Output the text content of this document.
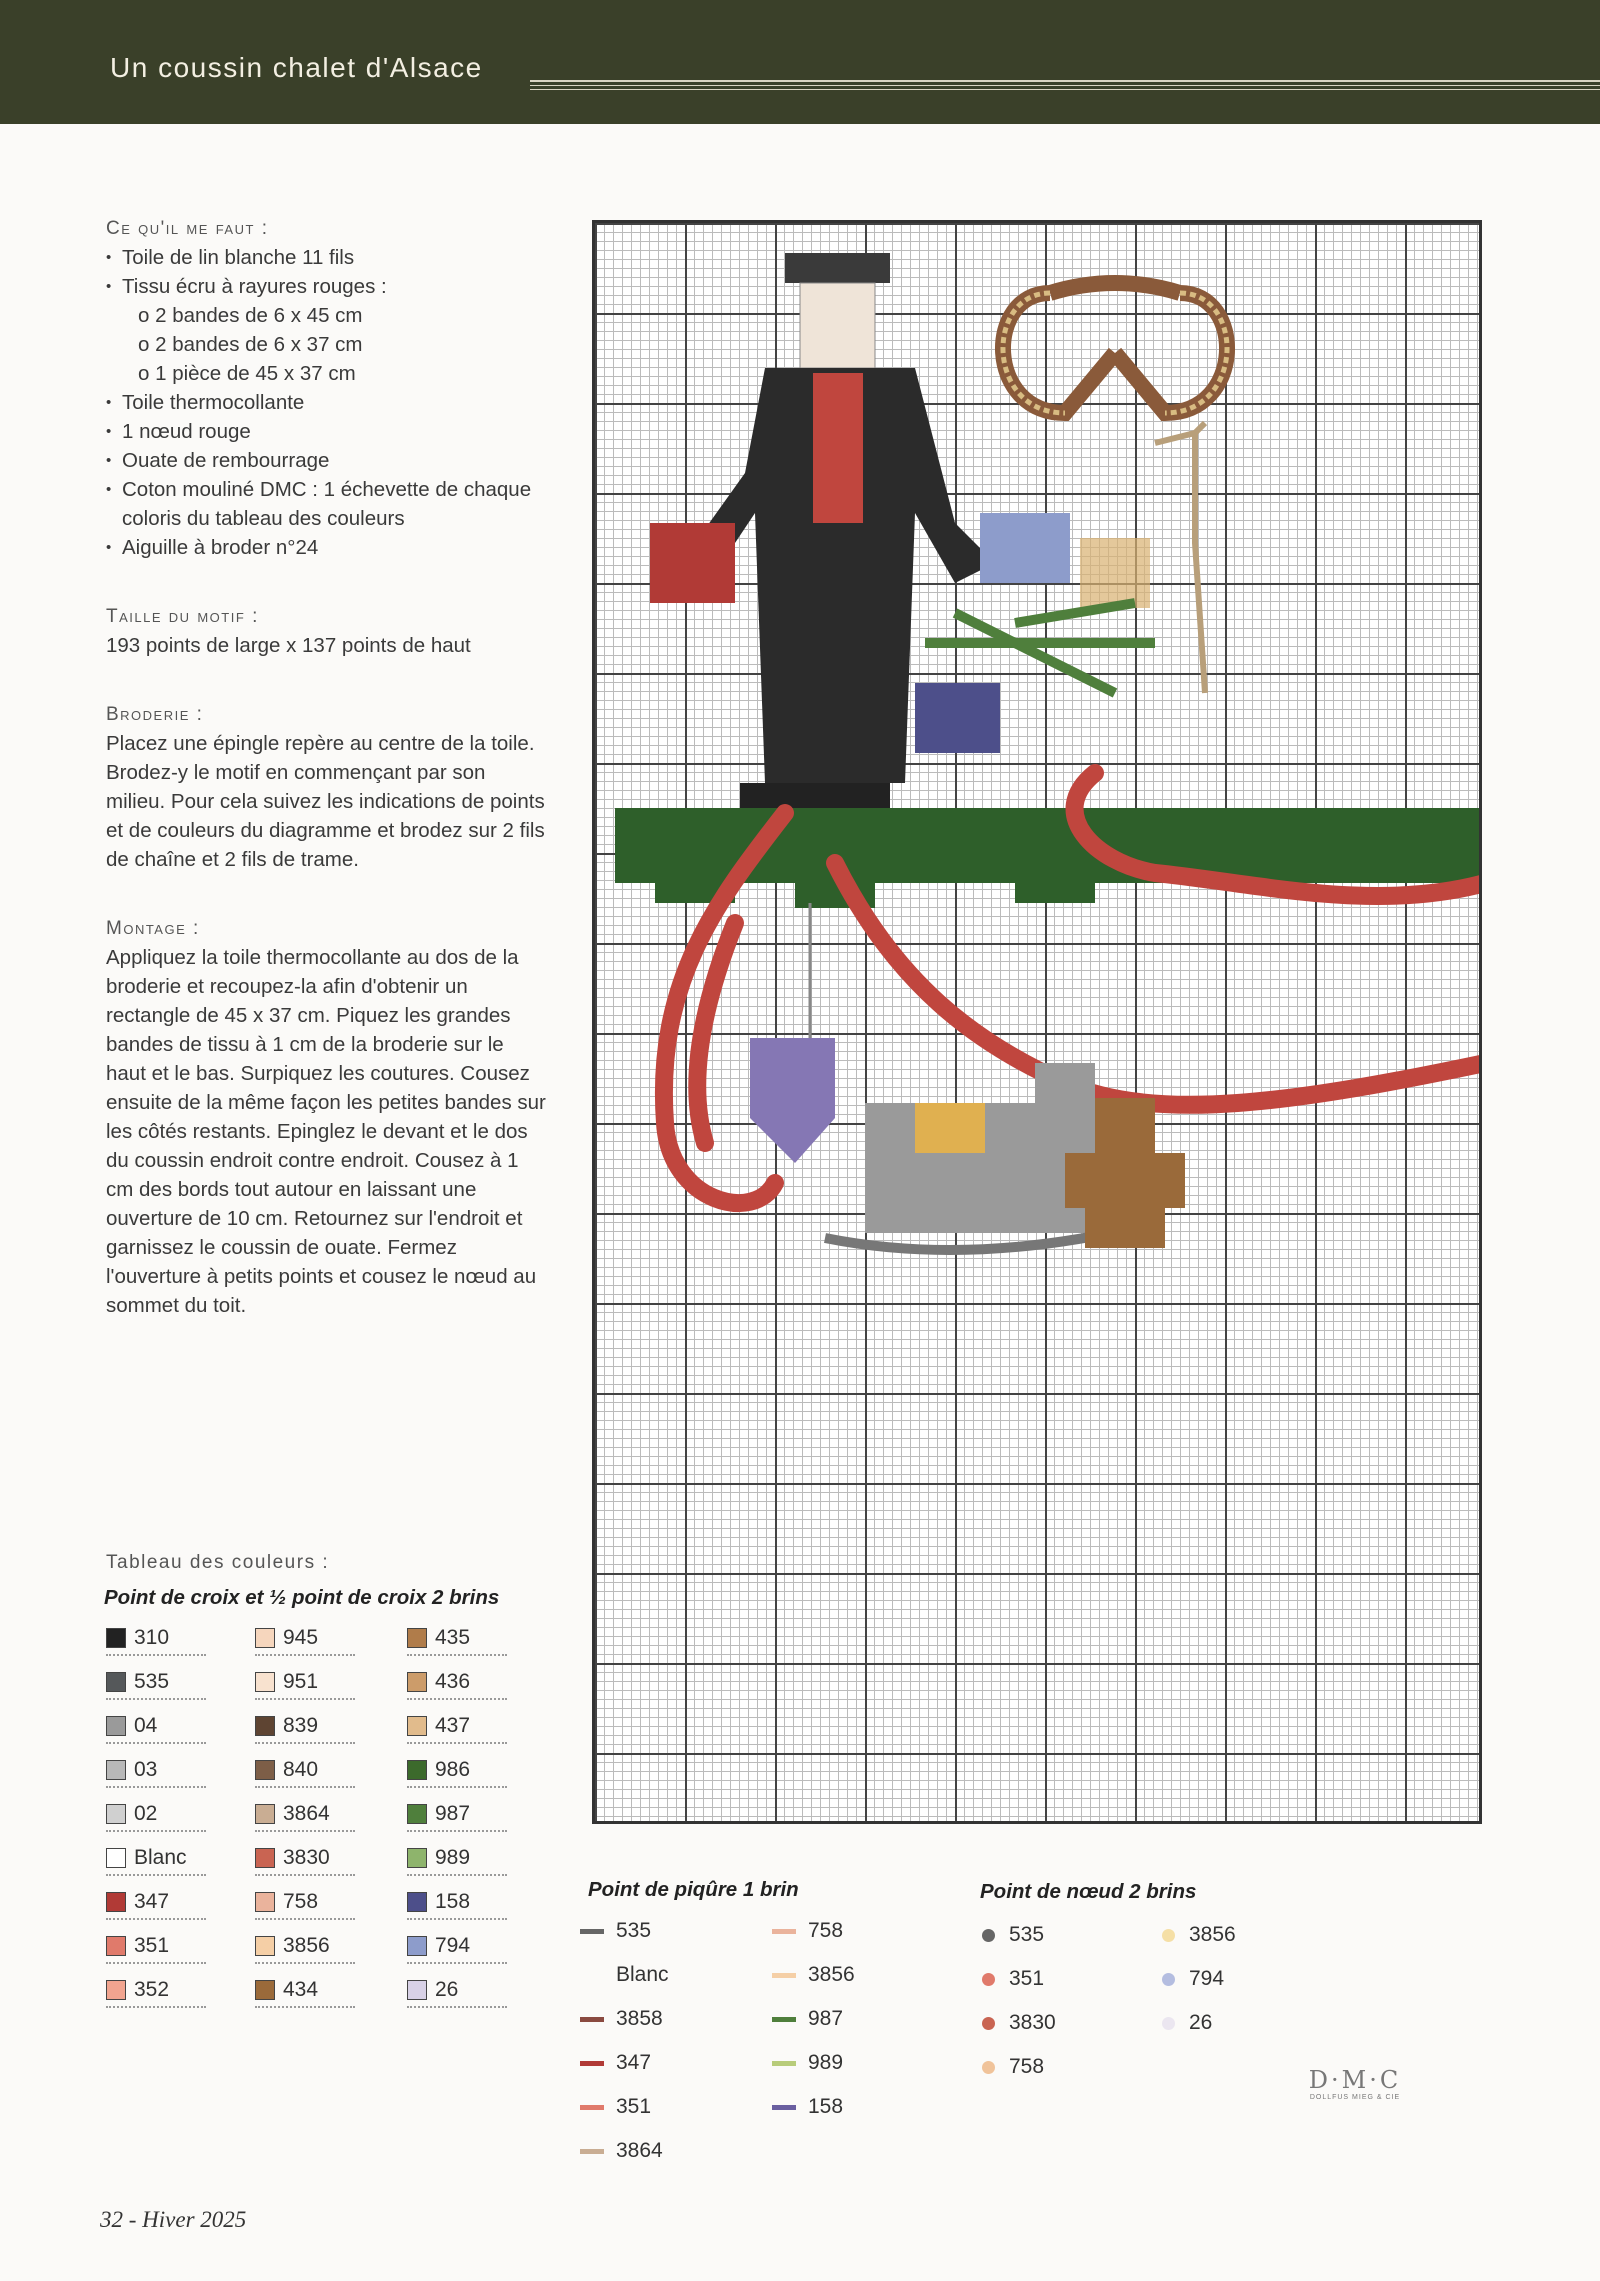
Un coussin chalet d'Alsace

Ce qu'il me faut :

• Toile de lin blanche 11 fils
• Tissu écru à rayures rouges :
o 2 bandes de 6 x 45 cm
o 2 bandes de 6 x 37 cm
o 1 pièce de 45 x 37 cm
• Toile thermocollante
• 1 nœud rouge
• Ouate de rembourrage
• Coton mouliné DMC : 1 échevette de chaque coloris du tableau des couleurs
• Aiguille à broder n°24

Taille du motif :

193 points de large x 137 points de haut

Broderie :

Placez une épingle repère au centre de la toile. Brodez-y le motif en commençant par son milieu. Pour cela suivez les indications de points et de couleurs du diagramme et brodez sur 2 fils de chaîne et 2 fils de trame.

Montage :

Appliquez la toile thermocollante au dos de la broderie et recoupez-la afin d'obtenir un rectangle de 45 x 37 cm. Piquez les grandes bandes de tissu à 1 cm de la broderie sur le haut et le bas. Surpiquez les coutures. Cousez ensuite de la même façon les petites bandes sur les côtés restants. Epinglez le devant et le dos du coussin endroit contre endroit. Cousez à 1 cm des bords tout autour en laissant une ouverture de 10 cm. Retournez sur l'endroit et garnissez le coussin de ouate. Fermez l'ouverture à petits points et cousez le nœud au sommet du toit.

Tableau des couleurs :
Point de croix et ½ point de croix 2 brins
310
535
04
03
02
Blanc
347
351
352
945
951
839
840
3864
3830
758
3856
434
435
436
437
986
987
989
158
794
26
Point de piqûre 1 brin
535
Blanc
3858
347
351
3864
758
3856
987
989
158
Point de nœud 2 brins
535
351
3830
758
3856
794
26
D·M·C
DOLLFUS MIEG & CIE
32 - Hiver 2025
